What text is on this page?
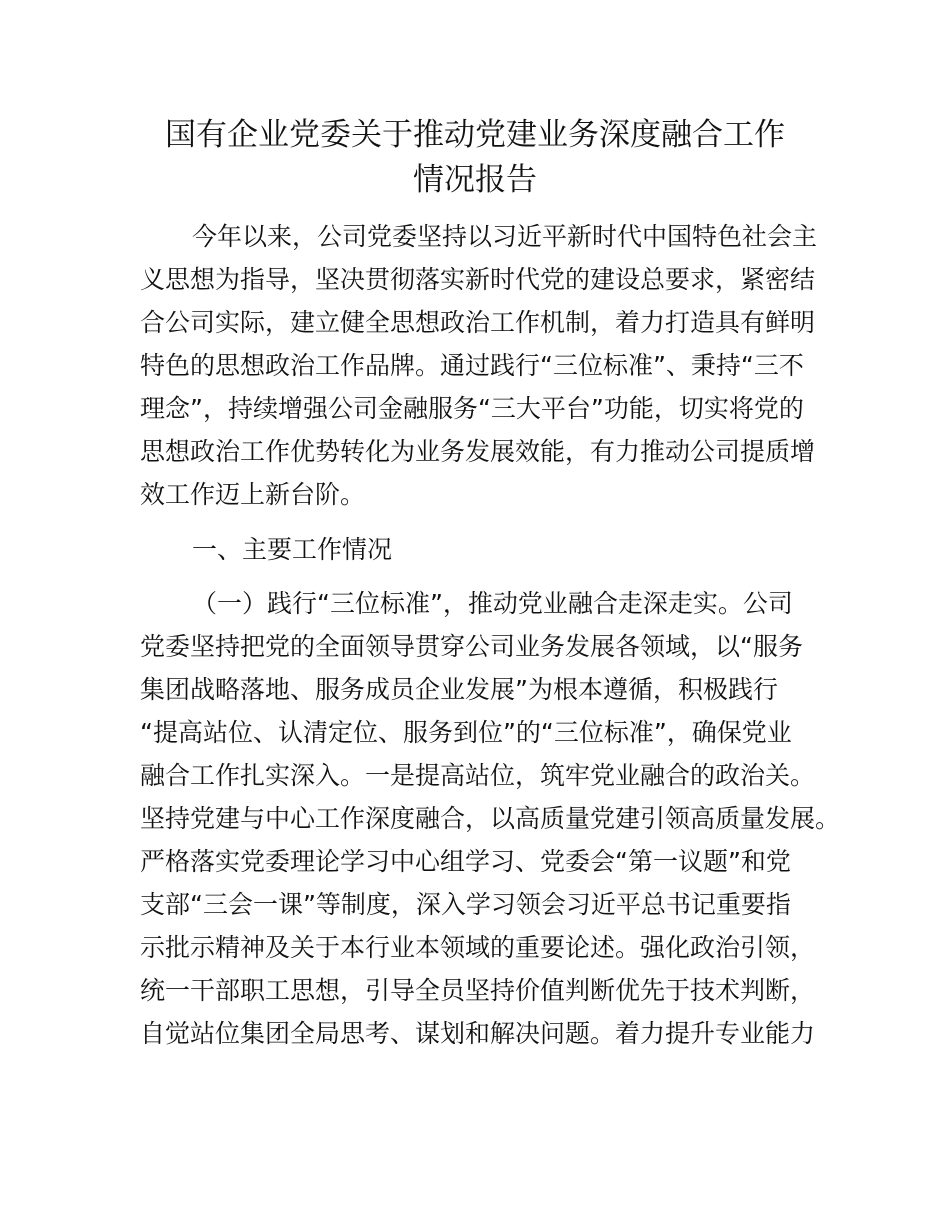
国有企业党委关于推动党建业务深度融合工作
情况报告
今年以来，公司党委坚持以习近平新时代中国特色社会主
义思想为指导，坚决贯彻落实新时代党的建设总要求，紧密结
合公司实际，建立健全思想政治工作机制，着力打造具有鲜明
特色的思想政治工作品牌。通过践行“三位标准”、秉持“三不
理念”，持续增强公司金融服务“三大平台”功能，切实将党的
思想政治工作优势转化为业务发展效能，有力推动公司提质增
效工作迈上新台阶。
一、主要工作情况
（一）践行“三位标准”，推动党业融合走深走实。公司
党委坚持把党的全面领导贯穿公司业务发展各领域，以“服务
集团战略落地、服务成员企业发展”为根本遵循，积极践行
“提高站位、认清定位、服务到位”的“三位标准”，确保党业
融合工作扎实深入。一是提高站位，筑牢党业融合的政治关。
坚持党建与中心工作深度融合，以高质量党建引领高质量发展。
严格落实党委理论学习中心组学习、党委会“第一议题”和党
支部“三会一课”等制度，深入学习领会习近平总书记重要指
示批示精神及关于本行业本领域的重要论述。强化政治引领，
统一干部职工思想，引导全员坚持价值判断优先于技术判断，
自觉站位集团全局思考、谋划和解决问题。着力提升专业能力
